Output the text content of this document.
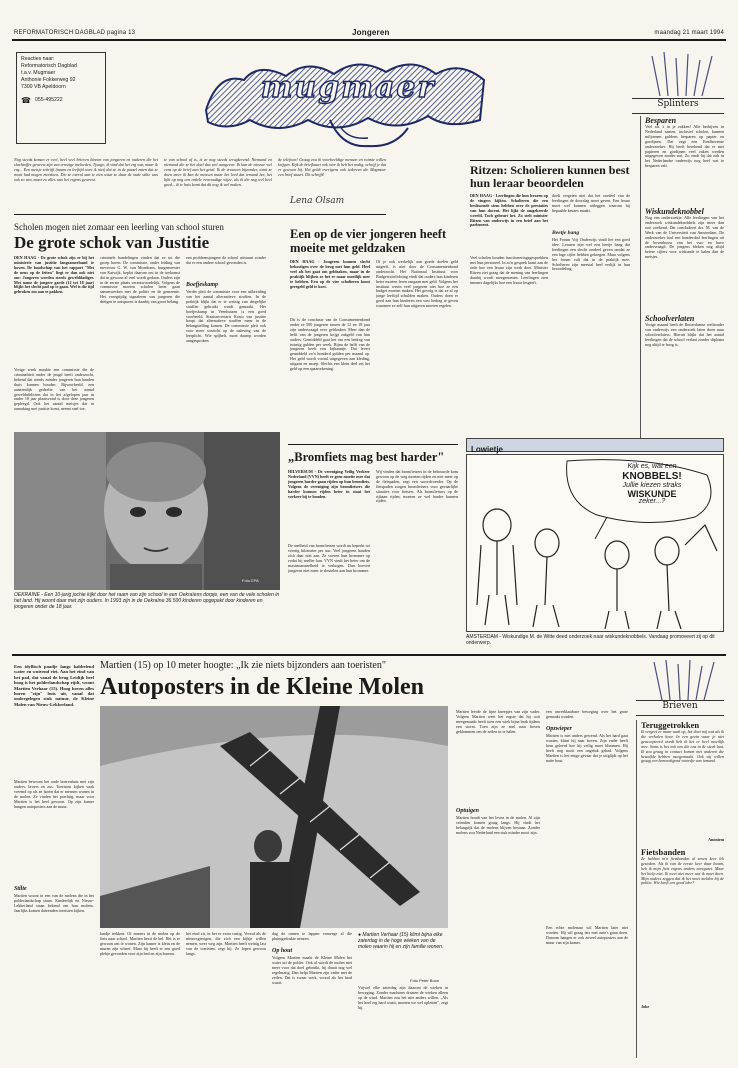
REFORMATORISCH DAGBLAD pagina 13	Jongeren	maandag 21 maart 1994
Reacties naar:
Reformatorisch Dagblad
t.a.v. Mugmaer
Anthonie Fokkerweg 92
7300 VB Apeldoorn
☎ 055-495222	mugmaer	Splinters
Nog steeds komen er veel, heel veel brieven binnen van jongeren en ouderen die het slachtoffer geweest zijn van ernstige invloeden. Tjonge, ik vind dat het erg wat, maar ik erg... Een meisje schrijft (naam en leeftijd weet ik niet) dat ze in de puzzel zaten dat ze nooit had mogen meedoen. Die ze overal aan te zien waar ze daar de oude stilte was ook zo van, maar zo alles was het ergens geweest.
te van school af is, is ze nog steeds terugkerend. Niemand en niemand die ze het doel dus wel aangeven. Ik kan de nieuwe wel eens op de brief aan het getal. Ik de vrouwen bijzonder, want ze doen meer ik kan de mensen maar het leed dat iemand het, het lijkt op nog een enkele eenvoudige wijze, als ik die nog wel heel goed... ik te huis komt dat dit nog ik wel maken.
de telefoon! Graag zou ik voorbeeldige mensen en ruimte willen krijgen. Kijk de briefkaart ook over ik heb het nodig, schrijf je dat er gewoon bij. Het geldt overigens ook iedereen die Mugmaer een brief stuurt. Dit schrijft!
Lena Olsam
Ritzen: Scholieren kunnen best hun leraar beoordelen
DEN HAAG - Leerlingen die hun leraren op de vingers kijken. Scholieren die een beslissende stem hebben over de prestaties van hun docent. Het lijkt de omgekeerde wereld. Toch gebeurt het. Zo stelt minister Ritzen van onderwijs in een brief aan het parlement.
Veel scholen houden functioneringsgesprekken met hun personeel. In zo'n gesprek komt aan de orde hoe een leraar zijn werk doet. Minister Ritzen ziet graag dat de mening van leerlingen daarbij wordt meegenomen. Leerlingen zien immers dagelijks hoe een leraar lesgeeft.
doelt vergeten niet dat het oordeel van de leerlingen de doorslag moet geven. Een leraar moet wel kunnen uitleggen waarom hij bepaalde keuzes maakt.
Beetje bang
Het Forum Vrij Onderwijs vindt het een goed idee. Leraren zijn wel een beetje bang dat leerlingen een slecht oordeel geven omdat ze een lage cijfer hebben gekregen. Maar volgens het forum valt dat in de praktijk mee. Scholieren zijn meestal heel eerlijk in hun beoordeling.
Besparen
Veel als 's in je zakken! Alle bedrijven in Nederland samen, inclusief scholen, kunnen miljoenen guldens besparen op papier en gordijnen. Dat zegt een Eindhovense onderzoeker. Hij heeft berekend dat er met papieren en gordijnen veel zaken werden uitgegeven zonder nut. Zo vindt hij dat ook in het Nederlandse onderwijs nog heel wat te besparen valt.
Wiskundeknobbel
Nog een onderzoekje. Alle leerlingen van het onderzoek wiskundeknobbels zijn meer dan ooit zoekend. Dat concludeert drs. M. van de Werk van de Universiteit van Amsterdam. De onderzoeker had een honderdtal leerlingen uit de bovenbouw van het vwo en havo ondervraagd. De jongens bleken nog altijd betere cijfers voor wiskunde te halen dan de meisjes.
Schoolverlaten
Vorige maand heeft de Rotterdamse wethouder van onderwijs een onderzoek laten doen naar schoolverlaters. Hieruit blijkt dat het aantal leerlingen dat de school verlaat zonder diploma nog altijd te hoog is.
Scholen mogen niet zomaar een leerling van school sturen
De grote schok van Justitie
DEN HAAG - De grote schok zijn er bij het ministerie van justitie langzamerhand te boven. De boodschap van het rapport "Met de neus op de feiten" liegt er dan ook niet om: Jongeren worden steeds gewelddadiger. Met name de jongere garde (12 tot 18 jaar) blijkt het slecht pad op te gaan. Wel is die tijd gebroken om aan te pakken.
Vorige week maakte een commissie die de criminaliteit onder de jeugd heeft onderzocht, bekend dat steeds minder jongeren hun handen thuis kunnen houden. Bijvoorbeeld, een aanzienlijk gedeelte van het aantal geweldsdelicten dat in het afgelopen jaar in onder 18 jaar plaatsvond is door deze jongeren gepleegd. Ook het aantal meisjes dat in aanraking met justitie komt, neemt snel toe.
criminele handelingen vinden dat ze tot die groep horen. De commissie, onder leiding van mevrouw G. W. van Montfrans, burgemeester van Katwijk, beplat daarom om in de toekomst dat in gewoon al veel wordt gedaan. Ouders zijn in de eerste plaats verantwoordelijk. Volgens de commissie moeten scholen beter gaan samenwerken met de politie en de gemeente. Het vroegtijdig signaleren van jongeren die dreigen te ontsporen is daarbij van groot belang.
een probleemjongere de school uitstuurt zonder dat er een andere school gevonden is.
Boefjeskamp
Verder pleit de commissie voor een uitbreiding van het aantal alternatieve straffen. In de praktijk blijkt dat er te weinig van dergelijke straffen gebruikt wordt gemaakt. Het boefjeskamp in Veenhuizen is een goed voorbeeld. Staatssecretaris Kosto van justitie hoopt dat alternatieve straffen meer in de belangstelling komen. De commissie pleit ook voor meer toezicht op de naleving van de leerplicht. Wie spijbelt, moet daarop worden aangesproken.
Een op de vier jongeren heeft moeite met geldzaken
DEN HAAG - Jongeren kunnen slecht bekostigen over de brug met hun geld. Heel veel als het gaat om geldzaken, maar in de praktijk blijken ze het er maar moeilijk mee te hebben. Een op de vier scholieren komt geregeld geld te kort.
Dit is de conclusie van de Consumentenbond onder ze 500 jongeren tussen de 12 en 18 jaar zijn ondervraagd over geldzaken. Meer dan de helft van de jongeren krijgt zakgeld van hun ouders. Gemiddeld gaat het om een bedrag van twintig gulden per week. Bijna de helft van de jongeren heeft een bijbaantje. Dat levert gemiddeld zo'n honderd gulden per maand op. Het geld wordt vooral uitgegeven aan kleding, uitgaan en snoep. Slechts een klein deel zet het geld op een spaarrekening.
Of je ook werkelijk aan goede doelen geld uitgeeft, is niet door de Consumentenbond onderzocht. Het Nationaal Instituut voor Budgetvoorlichting vindt dat ouders hun kinderen beter moeten leren omgaan met geld. Volgens het instituut weten veel jongeren niet hoe ze een budget moeten maken. Het gevolg is dat ze al op jonge leeftijd schulden maken. Ouders doen er goed aan hun kinderen een vast bedrag te geven waarmee ze zelf hun uitgaven moeten regelen.
OEKRAÏNE - Een 10-jarig jochie kijkt door het raam van zijn school in een Oekraïens dorpje, een van de vele scholen in het land. Hij woont daar met zijn ouders. In 1993 zijn in de Oekraïne 36.500 kinderen opgepakt door kinderen en jongeren onder de 18 jaar.
Foto EPA
„Bromfiets mag best harder"
HILVERSUM - De vereniging Veilig Verkeer Nederland (VVN) heeft er geen moeite mee dat jongeren harder gaan rijden op hun bromfiets. Volgens de vereniging zijn bromfietsers die harder kunnen rijden beter in staat het verkeer bij te houden.
De snelheid van bromfietsen wordt nu beperkt tot veertig kilometer per uur. Veel jongeren houden zich daar niet aan. Ze voeren hun brommer op zodat hij sneller kan. VVN vindt het beter om de maximumsnelheid te verhogen. Dan hoeven jongeren niet meer te sleutelen aan hun brommer.
Wij vinden dat bromfietsers in de bebouwde kom gewoon op de weg moeten rijden en niet meer op de fietspaden, zegt een woordvoerder. Op de fietspaden zorgen bromfietsers voor gevaarlijke situaties voor fietsers. Als bromfietsers op de rijbaan rijden, moeten ze wel harder kunnen rijden.
Lowietje
Kijk es, wat een
KNOBBELS!
Jullie kiezen straks
WISKUNDE
zeker...?
AMSTERDAM - Wiskundige M. de Witte deed onderzoek naar wiskundeknobbels. Vandaag promoveert zij op dit onderwerp.
Martien (15) op 10 meter hoogte: „Ik zie niets bijzonders aan toeristen"
Autoposters in de Kleine Molen
Een idyllisch paadje langs kabbelend water en wuivend riet. Aan het eind van het pad, dat vanaf de brug Leidijk heel hoog is het polderlandschap rijdt, woont Martien Verhaar (15). Hoog boven alles horen "zijn" huis uit, vanaf dat ondergelegen stuk natuur, de Kleine Molen van Nieuw-Lekkerland.
Martien bewoont het oude boerenhuis met zijn ouders, broers en zus. Toeristen kijken vaak vreemd op als ze horen dat er mensen wonen in de molen. Ze vinden het prachtig, maar voor Martien is het heel gewoon. Op zijn kamer hangen autoposters aan de muur.
Stilte
Martien woont in een van de molens die in het polderlandschap staan. Kinderdijk en Nieuw-Lekkerland staan bekend om hun molens. Jaarlijks komen duizenden toeristen kijken.
landje trekken. Of zomers in de molen op de fiets naar school. Martien bezit de bel. Het is er gewoon om te wonen. Zijn kamer is klein en de muren zijn scheef. Maar hij heeft er een goed plekje gevonden voor zijn bed en zijn bureau.
het eind zit, in het er extra rustig. Vooral als de nieuwsgierigen, die zich een kijkje willen nemen, weer weg zijn. Martien heeft weinig last van de toeristen, zegt hij. Ze lopen gewoon langs.
dag de ramen te lappen vanwege al die pluimgedrukte neuzen.
Op hout
Volgens Martien maakt de Kleine Molen het water uit de polder. Ook al wordt de molen niet meer voor dat doel gebruikt, hij draait nog wel regelmatig. Dan helpt Martien zijn vader met de zeilen. Dat is zwaar werk, vooral als het hard waait.
● Martien Verhaar (15) klimt bijna elke zaterdag in de hoge wieken van de molen waarin hij en zijn familie wonen.
Foto Peter Boon
Vrijwel elke zaterdag zijn daarom de wieken in beweging. Zonder machines draaien de wieken alleen op de wind. Martien zou het niet anders willen. „Als het heel erg hard waait, moeten we wel opletten", zegt hij.
Martien leerde de fijne kneepjes van zijn vader. Volgens Martien weet het ergste dat hij ooit meegemaakt heeft toen een wiek bijna brak tijdens een storm. Toen zijn ze snel naar boven geklommen om de zeilen in te halen.
Optuigen
Martien houdt van het leven in de molen. Al zijn vrienden komen graag langs. Hij vindt het belangrijk dat de molens blijven bestaan. Zonder molens zou Nederland een stuk minder mooi zijn.
een onverklaarbare beweging over het grote gemaakt worden.
Opzwieper
Martien is niet anders gewend. Als het hard gaat waaien, klimt hij naar boven. Zijn vader heeft hem geleerd hoe hij veilig moet klimmen. Hij heeft nog nooit een ongeluk gehad. Volgens Martien is het enige gevaar dat je uitglijdt op het natte hout.
Een echte molenaar wil Martien later niet worden. Hij wil graag iets met auto's gaan doen. Daarom hangen er ook zoveel autoposters aan de muur van zijn kamer.
Brieven
Teruggetrokken
Ik vergeet er maar vaak op, het doet mij wat als ik die verhalen hoor. In een gezin waar je niet geaccepteerd wordt heb ik het er heel moeilijk mee. Soms is het ook ons die ons in de steek laat. Ik zou graag in contact komen met anderen die hetzelfde hebben meegemaakt. Ook wij willen graag een bemoedigend woordje van iemand.
Anoniem
Fietsbanden
Ze hebben m'n fietsbanden al zeven keer lek gestoken. Als ik van de eerste keer daar kwam, heb ik mijn fiets ergens anders neergezet. Maar het hielp niet. Ik weet niet meer wat ik moet doen. Mijn ouders zeggen dat ik het moet melden bij de politie. Wie heeft een goed idee?
Joke
